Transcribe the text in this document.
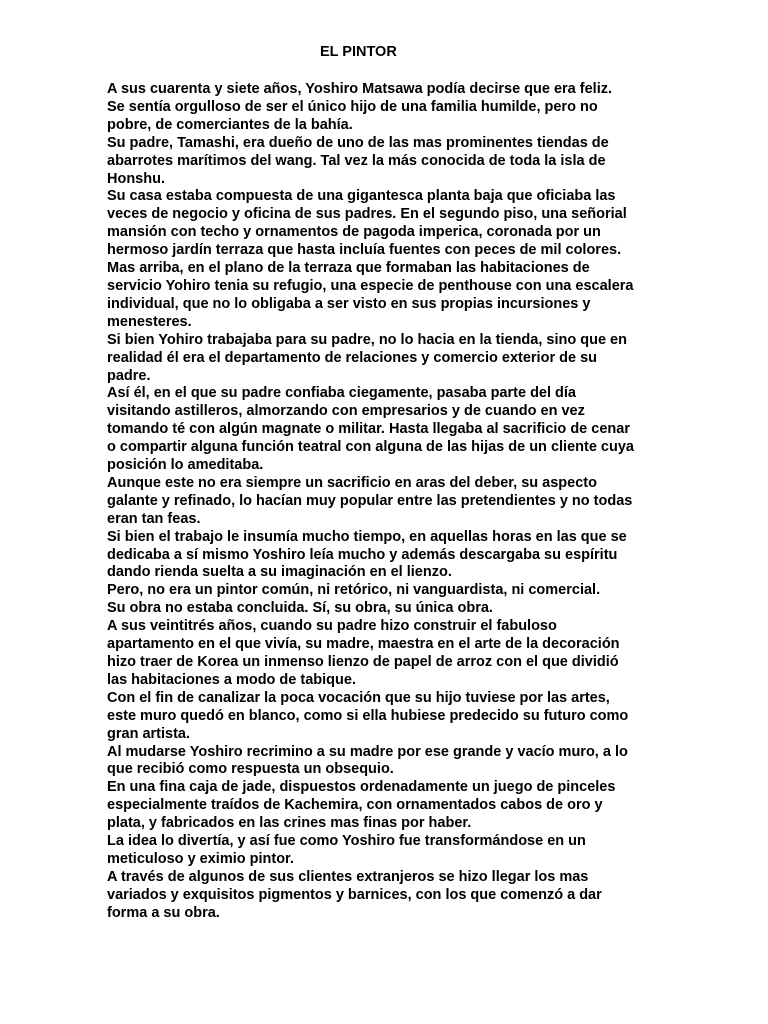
EL PINTOR
A sus cuarenta y siete años, Yoshiro Matsawa podía decirse que era feliz.
Se sentía orgulloso de ser el único hijo de una familia humilde, pero no
pobre, de comerciantes de la bahía.
Su padre, Tamashi, era dueño de uno de las mas prominentes tiendas de
abarrotes marítimos del wang. Tal vez la más conocida de toda la isla de
Honshu.
Su casa estaba compuesta de una gigantesca planta baja que oficiaba las
veces de negocio y oficina de sus padres. En el segundo piso, una señorial
mansión con techo y ornamentos de pagoda imperica, coronada por un
hermoso jardín terraza que hasta incluía fuentes con peces de mil colores.
Mas arriba, en el plano de la terraza que formaban las habitaciones de
servicio Yohiro tenia su refugio, una especie de penthouse con una escalera
individual, que no lo obligaba a ser visto en sus propias incursiones y
menesteres.
Si bien Yohiro trabajaba para su padre, no lo hacia en la tienda, sino que en
realidad él era el departamento de relaciones y comercio exterior de su
padre.
Así él, en el que su padre confiaba ciegamente, pasaba parte del día
visitando astilleros, almorzando con empresarios y de cuando en vez
tomando té con algún magnate o militar. Hasta llegaba al sacrificio de cenar
o compartir alguna función teatral con alguna de las hijas de un cliente cuya
posición lo ameditaba.
Aunque este no era siempre un sacrificio en aras del deber, su aspecto
galante y refinado, lo hacían muy popular entre las pretendientes y no todas
eran tan feas.
Si bien el trabajo le insumía mucho tiempo, en aquellas horas en las que se
dedicaba a sí mismo Yoshiro leía mucho y además descargaba su espíritu
dando rienda suelta a su imaginación en el lienzo.
Pero, no era un pintor común, ni retórico, ni vanguardista, ni comercial.
Su obra no estaba concluida. Sí, su obra, su única obra.
A sus veintitrés años, cuando su padre hizo construir el fabuloso
apartamento en el que vivía, su madre, maestra en el arte de la decoración
hizo traer de Korea un inmenso lienzo de papel de arroz con el que dividió
las habitaciones a modo de tabique.
Con el fin de canalizar la poca vocación que su hijo tuviese por las artes,
este muro quedó en blanco, como si ella hubiese predecido su futuro como
gran artista.
Al mudarse Yoshiro recrimino a su madre por ese grande y vacío muro, a lo
que recibió como respuesta un obsequio.
En una fina caja de jade, dispuestos ordenadamente un juego de pinceles
especialmente traídos de Kachemira, con ornamentados cabos de oro y
plata, y fabricados en las crines mas finas por haber.
La idea lo divertía, y así fue como Yoshiro fue transformándose en un
meticuloso y eximio pintor.
A través de algunos de sus clientes extranjeros se hizo llegar los mas
variados y exquisitos pigmentos y barnices, con los que comenzó a dar
forma a su obra.
